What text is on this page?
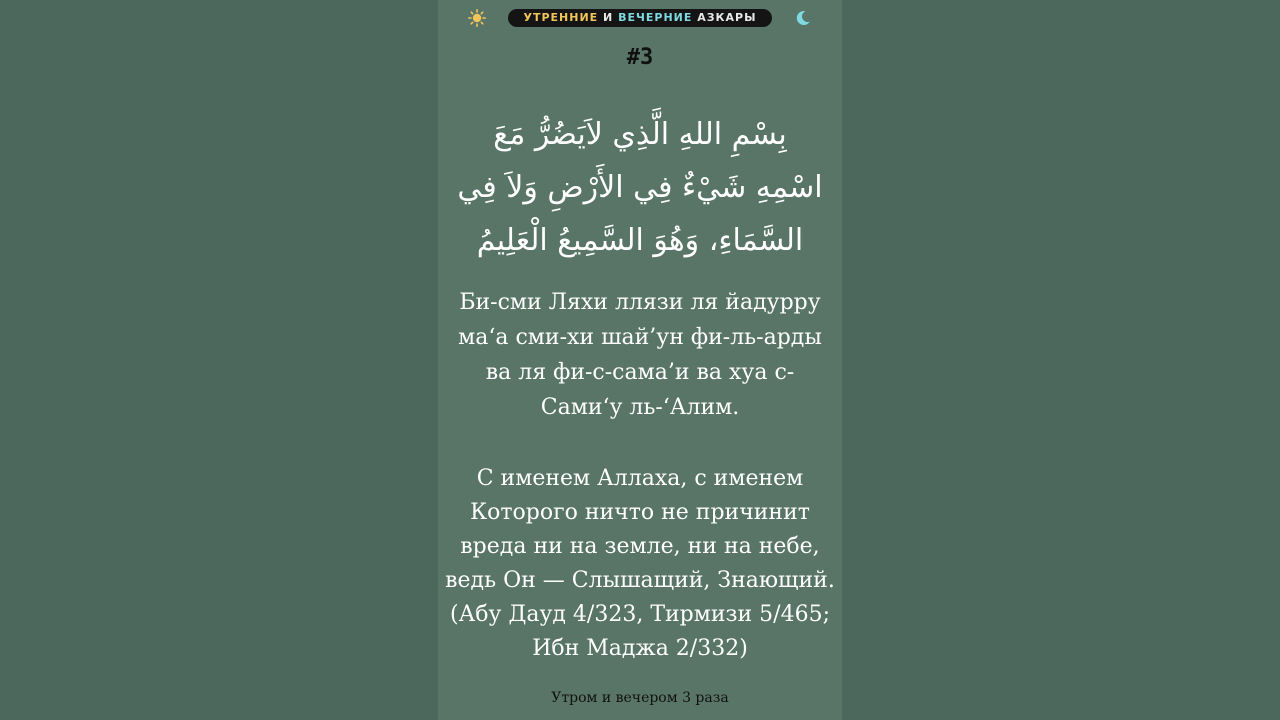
УТРЕННИЕ И ВЕЧЕРНИЕ АЗКАРЫ
#3
بِسْمِ اللهِ الَّذِي لاَيَضُرُّ مَعَ
اسْمِهِ شَيْءٌ فِي الأَرْضِ وَلاَ فِي
السَّمَاءِ، وَهُوَ السَّمِيعُ الْعَلِيمُ
Би-сми Ляхи ллязи ля йадурру
ма‘а сми-хи шай’ун фи-ль-арды
ва ля фи-с-сама’и ва хуа с-
Сами‘у ль-‘Алим.
С именем Аллаха, с именем
Которого ничто не причинит
вреда ни на земле, ни на небе,
ведь Он — Слышащий, Знающий.
(Абу Дауд 4/323, Тирмизи 5/465;
Ибн Маджа 2/332)
Утром и вечером 3 раза
